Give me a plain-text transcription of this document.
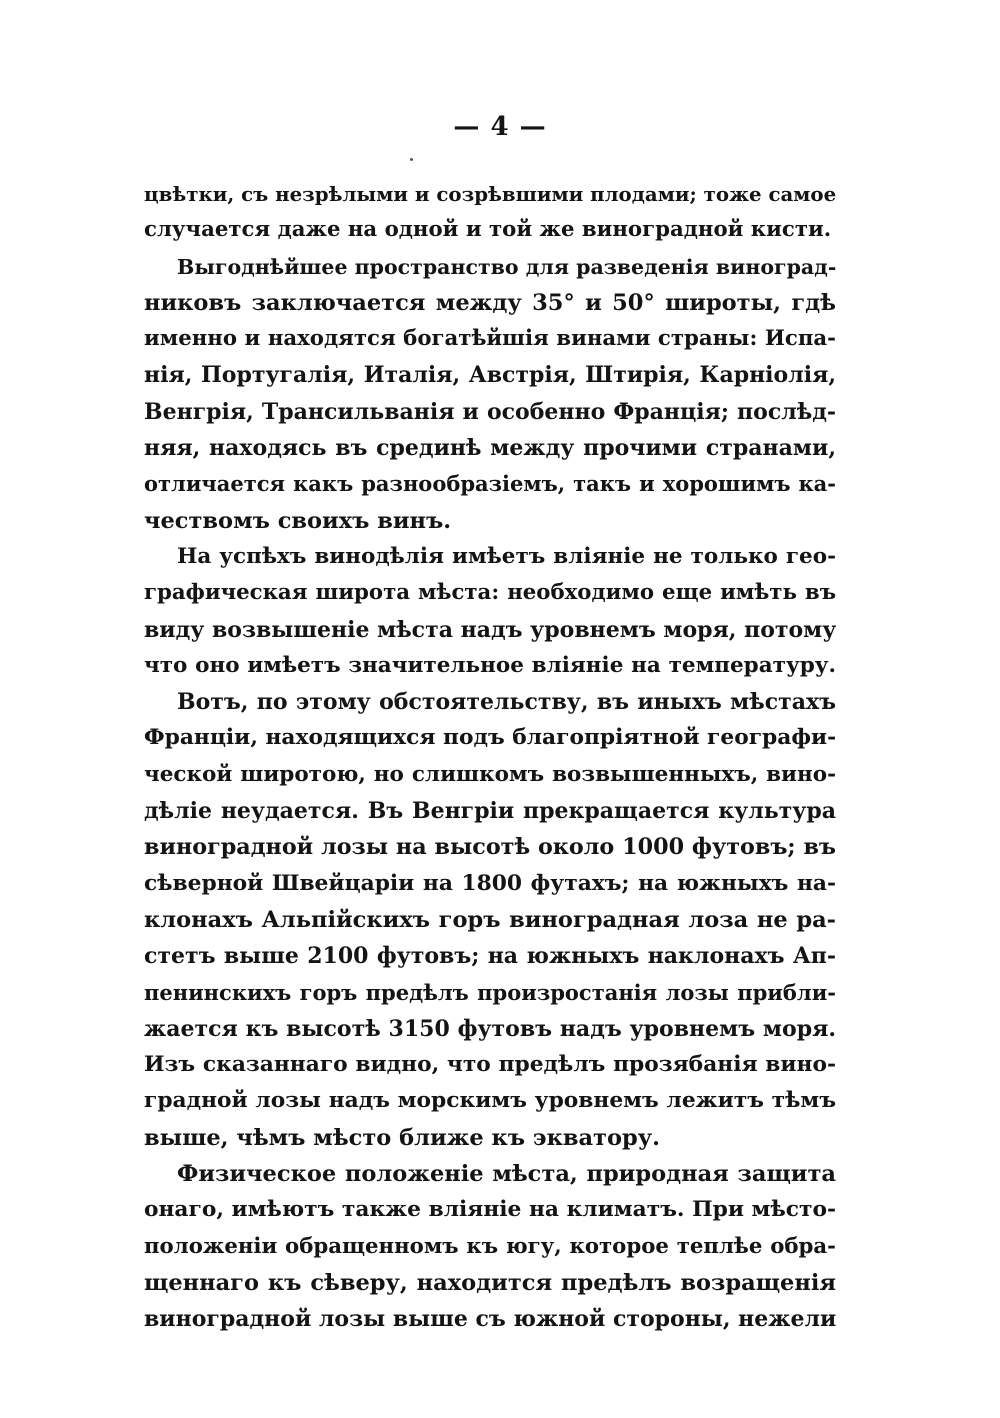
— 4 —
цвѣтки, съ незрѣлыми и созрѣвшими плодами; тоже самое
случается даже на одной и той же виноградной кисти.
Выгоднѣйшее пространство для разведенія виноград-
никовъ заключается между 35° и 50° широты, гдѣ
именно и находятся богатѣйшія винами страны: Испа-
нія, Португалія, Италія, Австрія, Штирія, Карніолія,
Венгрія, Трансильванія и особенно Франція; послѣд-
няя, находясь въ срединѣ между прочими странами,
отличается какъ разнообразіемъ, такъ и хорошимъ ка-
чествомъ своихъ винъ.
На успѣхъ винодѣлія имѣетъ вліяніе не только гео-
графическая широта мѣста: необходимо еще имѣть въ
виду возвышеніе мѣста надъ уровнемъ моря, потому
что оно имѣетъ значительное вліяніе на температуру.
Вотъ, по этому обстоятельству, въ иныхъ мѣстахъ
Франціи, находящихся подъ благопріятной географи-
ческой широтою, но слишкомъ возвышенныхъ, вино-
дѣліе неудается. Въ Венгріи прекращается культура
виноградной лозы на высотѣ около 1000 футовъ; въ
сѣверной Швейцаріи на 1800 футахъ; на южныхъ на-
клонахъ Альпійскихъ горъ виноградная лоза не ра-
стетъ выше 2100 футовъ; на южныхъ наклонахъ Ап-
пенинскихъ горъ предѣлъ произростанія лозы прибли-
жается къ высотѣ 3150 футовъ надъ уровнемъ моря.
Изъ сказаннаго видно, что предѣлъ прозябанія вино-
градной лозы надъ морскимъ уровнемъ лежитъ тѣмъ
выше, чѣмъ мѣсто ближе къ экватору.
Физическое положеніе мѣста, природная защита
онаго, имѣютъ также вліяніе на климатъ. При мѣсто-
положеніи обращенномъ къ югу, которое теплѣе обра-
щеннаго къ сѣверу, находится предѣлъ возращенія
виноградной лозы выше съ южной стороны, нежели
